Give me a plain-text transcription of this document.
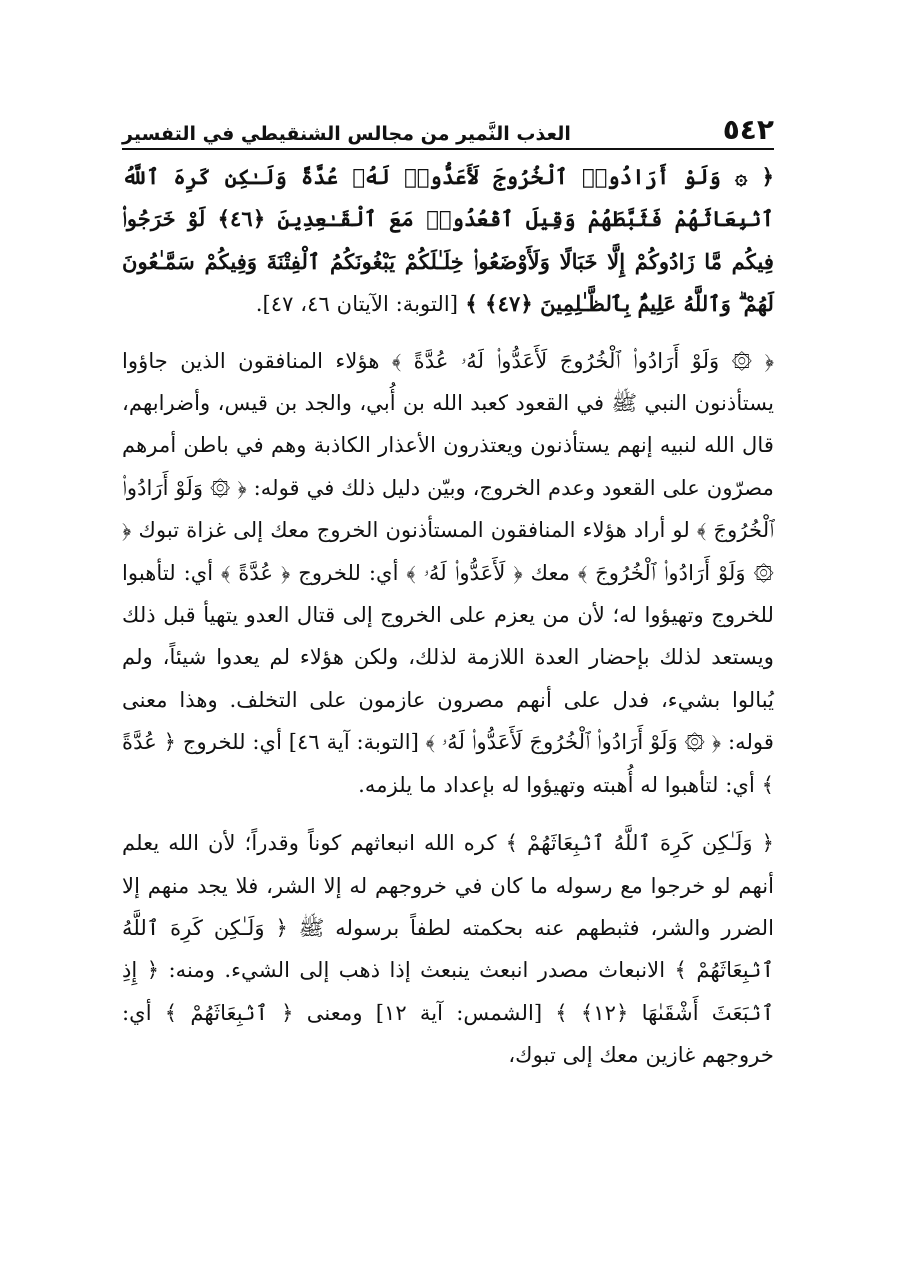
٥٤٢
العذب النَّمير من مجالس الشنقيطي في التفسير

﴿ ۞ وَلَوْ أَرَادُوا۟ ٱلْخُرُوجَ لَأَعَدُّوا۟ لَهُۥ عُدَّةً وَلَـٰكِن كَرِهَ ٱللَّهُ ٱنۢبِعَاثَهُمْ فَثَبَّطَهُمْ وَقِيلَ ٱقْعُدُوا۟ مَعَ ٱلْقَـٰعِدِينَ ﴿٤٦﴾ لَوْ خَرَجُوا۟ فِيكُم مَّا زَادُوكُمْ إِلَّا خَبَالًا وَلَأَوْضَعُوا۟ خِلَـٰلَكُمْ يَبْغُونَكُمُ ٱلْفِتْنَةَ وَفِيكُمْ سَمَّـٰعُونَ لَهُمْ ۗ وَٱللَّهُ عَلِيمٌۢ بِٱلظَّـٰلِمِينَ ﴿٤٧﴾ ﴾ [التوبة: الآيتان ٤٦، ٤٧].

﴿ ۞ وَلَوْ أَرَادُوا۟ ٱلْخُرُوجَ لَأَعَدُّوا۟ لَهُۥ عُدَّةً ﴾ هؤلاء المنافقون الذين جاؤوا يستأذنون النبي ﷺ في القعود كعبد الله بن أُبي، والجد بن قيس، وأضرابهم، قال الله لنبيه إنهم يستأذنون ويعتذرون الأعذار الكاذبة وهم في باطن أمرهم مصرّون على القعود وعدم الخروج، وبيّن دليل ذلك في قوله: ﴿ ۞ وَلَوْ أَرَادُوا۟ ٱلْخُرُوجَ ﴾ لو أراد هؤلاء المنافقون المستأذنون الخروج معك إلى غزاة تبوك ﴿ ۞ وَلَوْ أَرَادُوا۟ ٱلْخُرُوجَ ﴾ معك ﴿ لَأَعَدُّوا۟ لَهُۥ ﴾ أي: للخروج ﴿ عُدَّةً ﴾ أي: لتأهبوا للخروج وتهيؤوا له؛ لأن من يعزم على الخروج إلى قتال العدو يتهيأ قبل ذلك ويستعد لذلك بإحضار العدة اللازمة لذلك، ولكن هؤلاء لم يعدوا شيئاً، ولم يُبالوا بشيء، فدل على أنهم مصرون عازمون على التخلف. وهذا معنى قوله: ﴿ ۞ وَلَوْ أَرَادُوا۟ ٱلْخُرُوجَ لَأَعَدُّوا۟ لَهُۥ ﴾ [التوبة: آية ٤٦] أي: للخروج ﴿ عُدَّةً ﴾ أي: لتأهبوا له أُهبته وتهيؤوا له بإعداد ما يلزمه.

﴿ وَلَـٰكِن كَرِهَ ٱللَّهُ ٱنۢبِعَاثَهُمْ ﴾ كره الله انبعاثهم كوناً وقدراً؛ لأن الله يعلم أنهم لو خرجوا مع رسوله ما كان في خروجهم له إلا الشر، فلا يجد منهم إلا الضرر والشر، فثبطهم عنه بحكمته لطفاً برسوله ﷺ ﴿ وَلَـٰكِن كَرِهَ ٱللَّهُ ٱنۢبِعَاثَهُمْ ﴾ الانبعاث مصدر انبعث ينبعث إذا ذهب إلى الشيء. ومنه: ﴿ إِذِ ٱنۢبَعَثَ أَشْقَىٰهَا ﴿١٢﴾ ﴾ [الشمس: آية ١٢] ومعنى ﴿ ٱنۢبِعَاثَهُمْ ﴾ أي: خروجهم غازين معك إلى تبوك،
